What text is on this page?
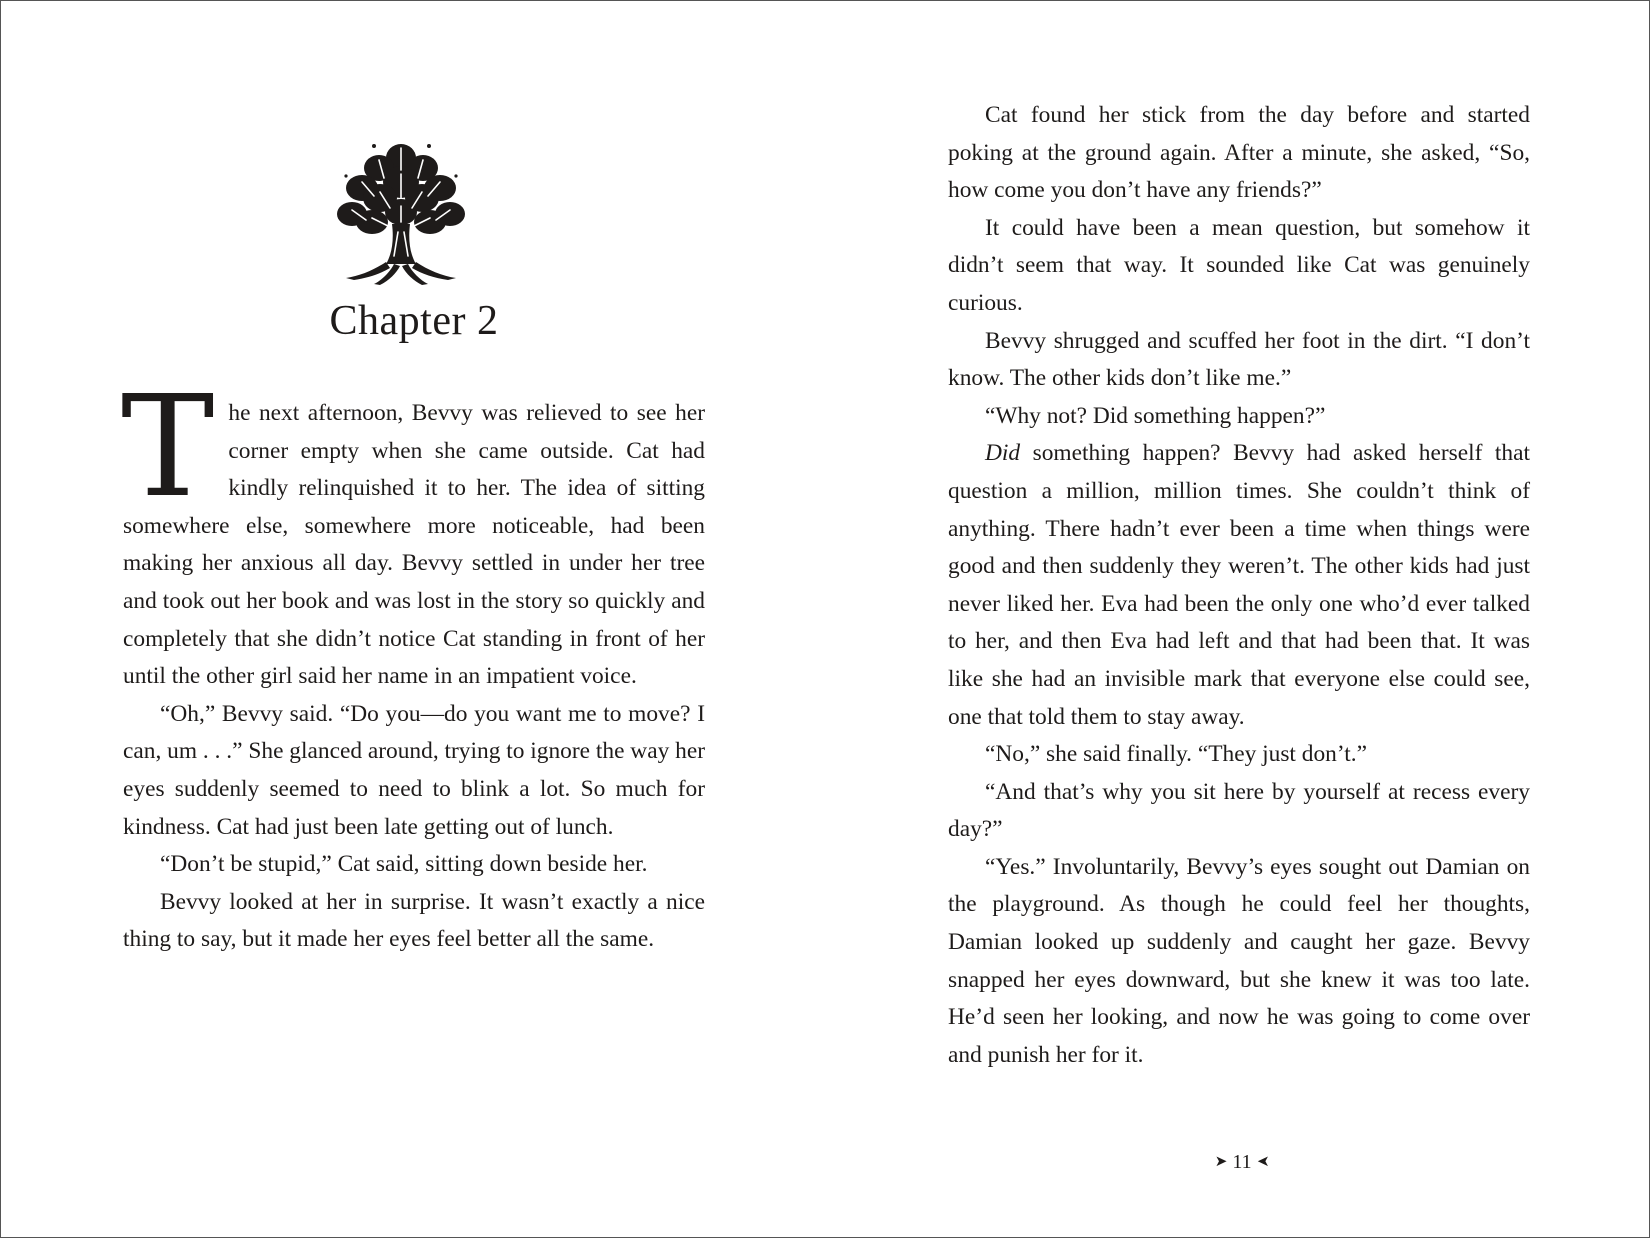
Chapter 2

The next afternoon, Bevvy was relieved to see her corner empty when she came outside. Cat had kindly relinquished it to her. The idea of sitting somewhere else, somewhere more noticeable, had been making her anxious all day. Bevvy settled in under her tree and took out her book and was lost in the story so quickly and completely that she didn’t notice Cat standing in front of her until the other girl said her name in an impatient voice.

“Oh,” Bevvy said. “Do you—do you want me to move? I can, um . . .” She glanced around, trying to ignore the way her eyes suddenly seemed to need to blink a lot. So much for kindness. Cat had just been late getting out of lunch.

“Don’t be stupid,” Cat said, sitting down beside her.

Bevvy looked at her in surprise. It wasn’t exactly a nice thing to say, but it made her eyes feel better all the same.

Cat found her stick from the day before and started poking at the ground again. After a minute, she asked, “So, how come you don’t have any friends?”

It could have been a mean question, but somehow it didn’t seem that way. It sounded like Cat was genuinely curious.

Bevvy shrugged and scuffed her foot in the dirt. “I don’t know. The other kids don’t like me.”

“Why not? Did something happen?”

Did something happen? Bevvy had asked herself that question a million, million times. She couldn’t think of anything. There hadn’t ever been a time when things were good and then suddenly they weren’t. The other kids had just never liked her. Eva had been the only one who’d ever talked to her, and then Eva had left and that had been that. It was like she had an invisible mark that everyone else could see, one that told them to stay away.

“No,” she said finally. “They just don’t.”

“And that’s why you sit here by yourself at recess every day?”

“Yes.” Involuntarily, Bevvy’s eyes sought out Damian on the playground. As though he could feel her thoughts, Damian looked up suddenly and caught her gaze. Bevvy snapped her eyes downward, but she knew it was too late. He’d seen her looking, and now he was going to come over and punish her for it.

➤ 11 ➤
